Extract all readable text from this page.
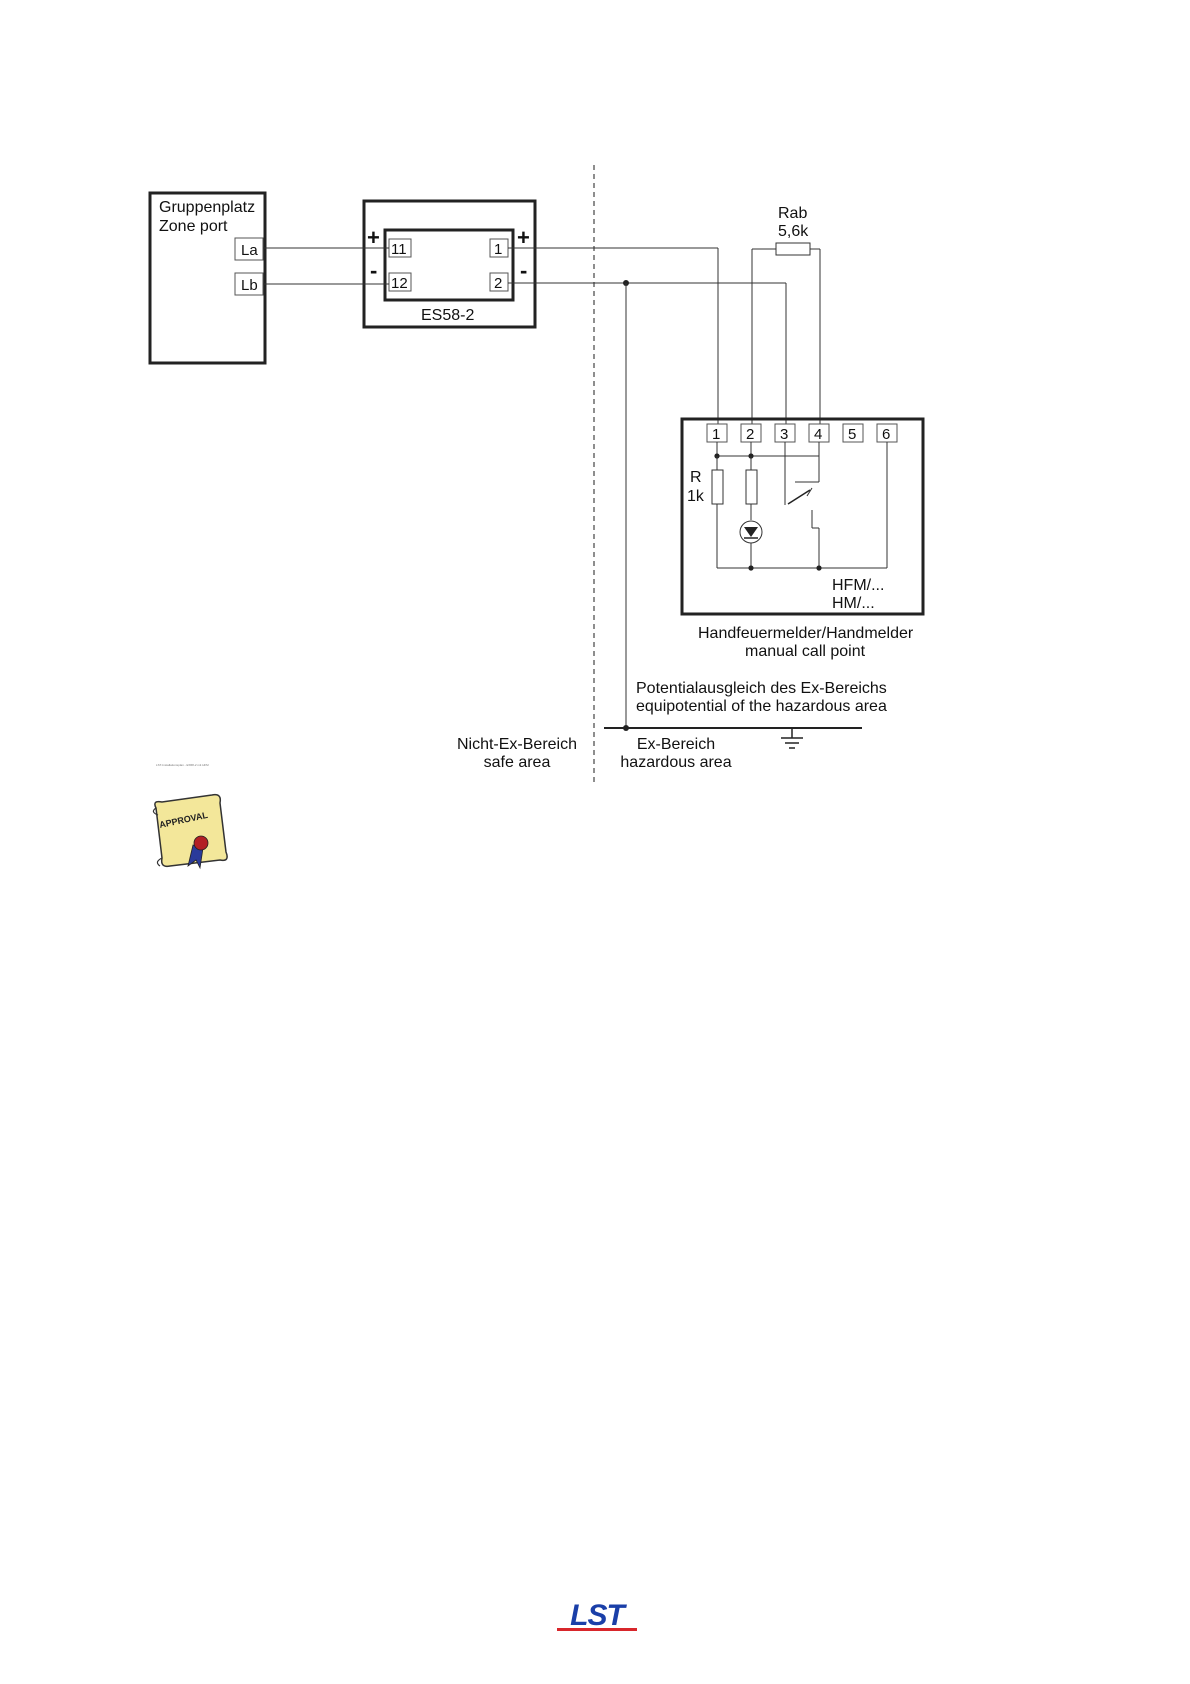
Gruppenplatz
Zone port
La
Lb
+
-
+
-
11
12
1
2
ES58-2
Rab
5,6k
1 2 3 4 5 6
R
1k
HFM/...
HM/...
Handfeuermelder/Handmelder
manual call point
Potentialausgleich des Ex-Bereichs
equipotential of the hazardous area
Nicht-Ex-Bereich
safe area
Ex-Bereich
hazardous area
LST-Installationsplan - ES58-2 mit HFM
APPROVAL
LST
